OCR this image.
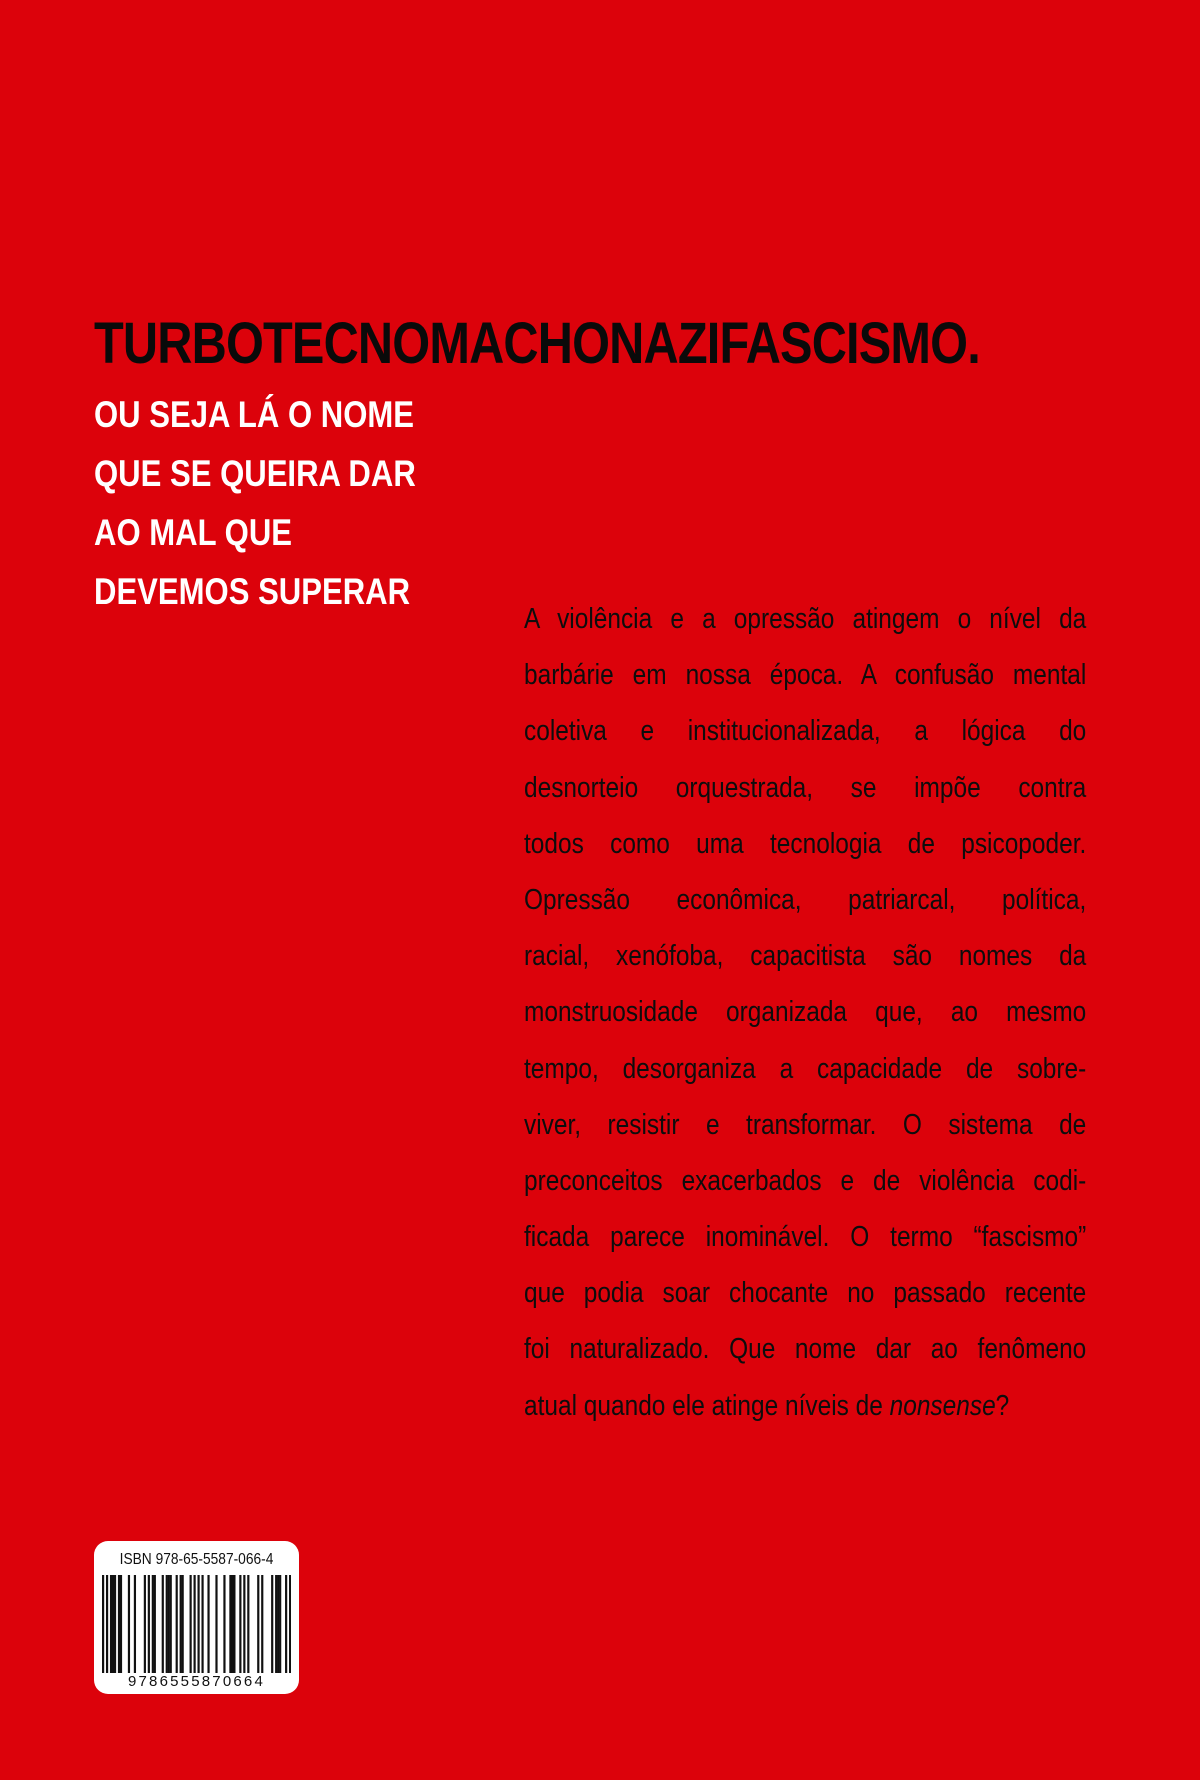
TURBOTECNOMACHONAZIFASCISMO.
OU SEJA LÁ O NOME
QUE SE QUEIRA DAR
AO MAL QUE
DEVEMOS SUPERAR
A violência e a opressão atingem o nível da
barbárie em nossa época. A confusão mental
coletiva e institucionalizada, a lógica do
desnorteio orquestrada, se impõe contra
todos como uma tecnologia de psicopoder.
Opressão econômica, patriarcal, política,
racial, xenófoba, capacitista são nomes da
monstruosidade organizada que, ao mesmo
tempo, desorganiza a capacidade de sobre-
viver, resistir e transformar. O sistema de
preconceitos exacerbados e de violência codi-
ficada parece inominável. O termo “fascismo”
que podia soar chocante no passado recente
foi naturalizado. Que nome dar ao fenômeno
atual quando ele atinge níveis de nonsense?
ISBN 978-65-5587-066-4
9786555870664
